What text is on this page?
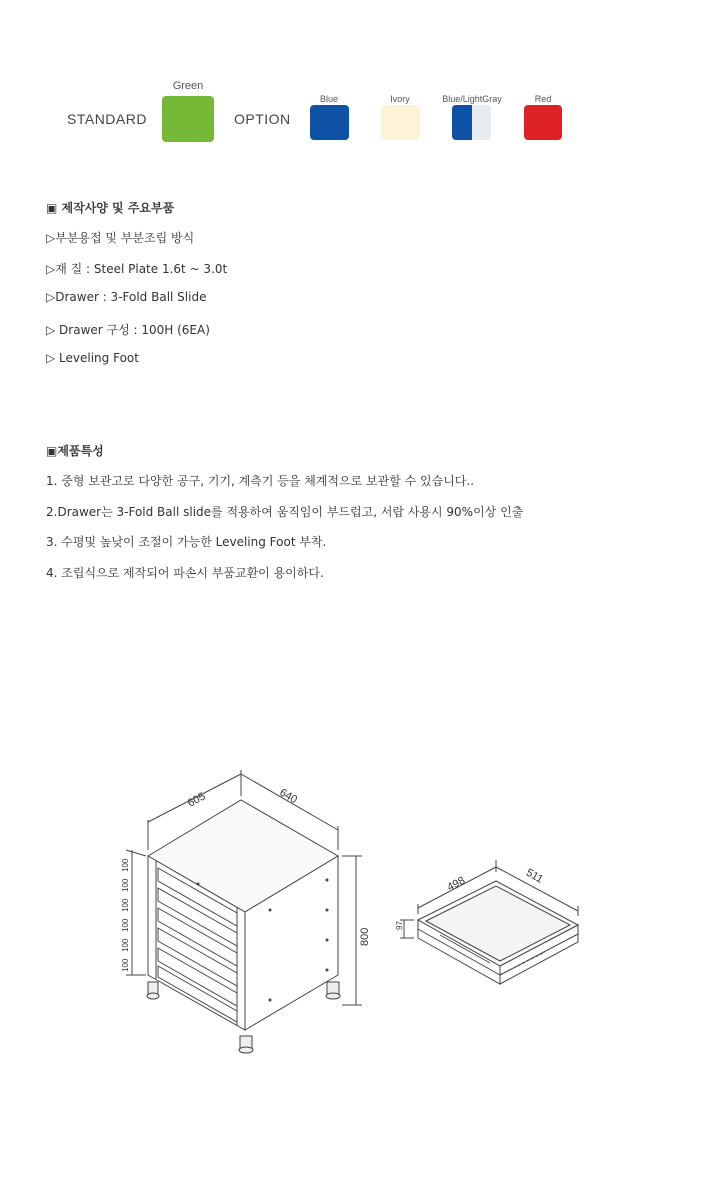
STANDARD
Green
OPTION
Blue	Ivory	Blue/LightGray	Red
▣ 제작사양 및 주요부품
▷부분용접 및 부분조립 방식
▷재 질 : Steel Plate 1.6t ~ 3.0t
▷Drawer : 3-Fold Ball Slide
▷ Drawer 구성 : 100H (6EA)
▷ Leveling Foot
▣제품특성
1. 중형 보관고로 다양한 공구, 기기, 계측기 등을 체계적으로 보관할 수 있습니다..
2.Drawer는 3-Fold Ball slide를 적용하여 움직임이 부드럽고, 서랍 사용시 90%이상 인출
3. 수평및 높낮이 조절이 가능한 Leveling Foot 부착.
4. 조립식으로 제작되어 파손시 부품교환이 용이하다.
605	640
800
100
100
100
100
100
100
498	511
97
